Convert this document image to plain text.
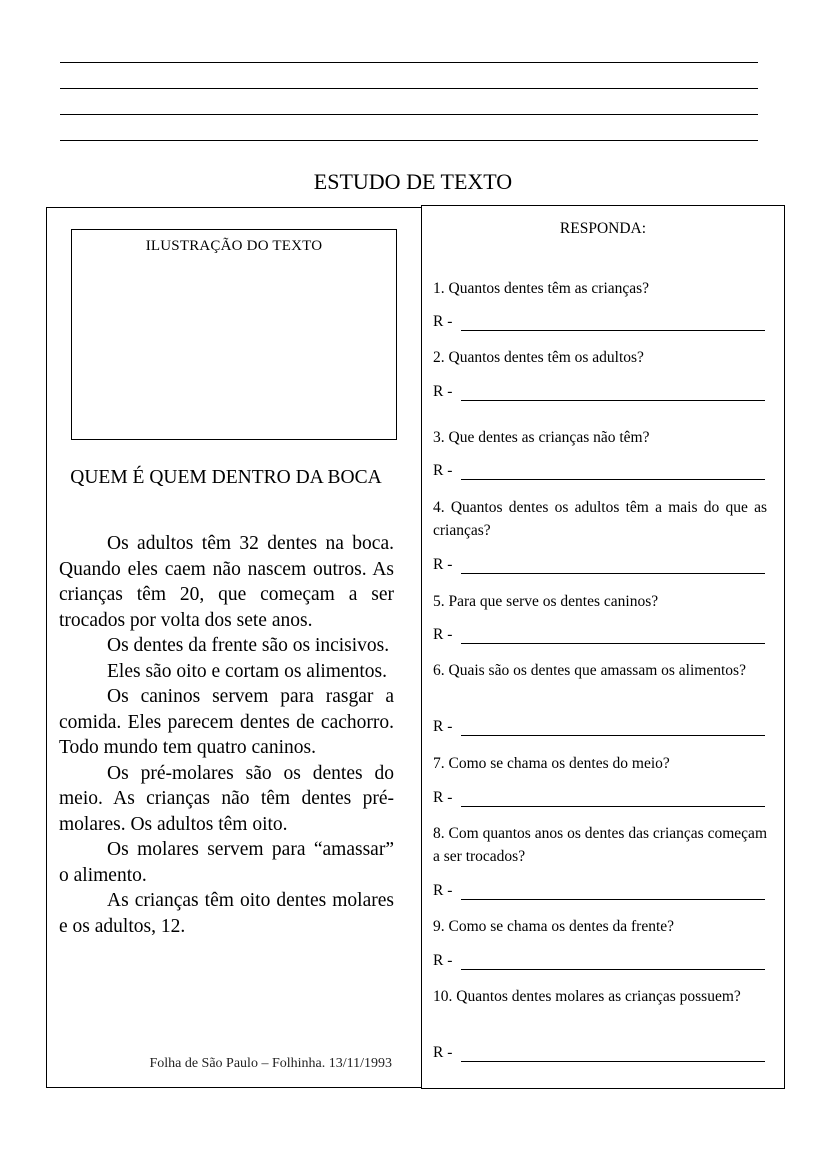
ESTUDO DE TEXTO
ILUSTRAÇÃO DO TEXTO
QUEM É QUEM DENTRO DA BOCA

Os adultos têm 32 dentes na boca. Quando eles caem não nascem outros. As crianças têm 20, que começam a ser trocados por volta dos sete anos.

Os dentes da frente são os incisivos.

Eles são oito e cortam os alimentos.

Os caninos servem para rasgar a comida. Eles parecem dentes de cachorro. Todo mundo tem quatro caninos.

Os pré-molares são os dentes do meio. As crianças não têm dentes pré-molares. Os adultos têm oito.

Os molares servem para “amassar” o alimento.

As crianças têm oito dentes molares e os adultos, 12.

Folha de São Paulo – Folhinha. 13/11/1993
RESPONDA:
1. Quantos dentes têm as crianças?
R -
2. Quantos dentes têm os adultos?
R -
3. Que dentes as crianças não têm?
R -
4. Quantos dentes os adultos têm a mais do que as crianças?
R -
5. Para que serve os dentes caninos?
R -
6. Quais são os dentes que amassam os alimentos?
R -
7. Como se chama os dentes do meio?
R -
8. Com quantos anos os dentes das crianças começam a ser trocados?
R -
9. Como se chama os dentes da frente?
R -
10. Quantos dentes molares as crianças possuem?
R -
